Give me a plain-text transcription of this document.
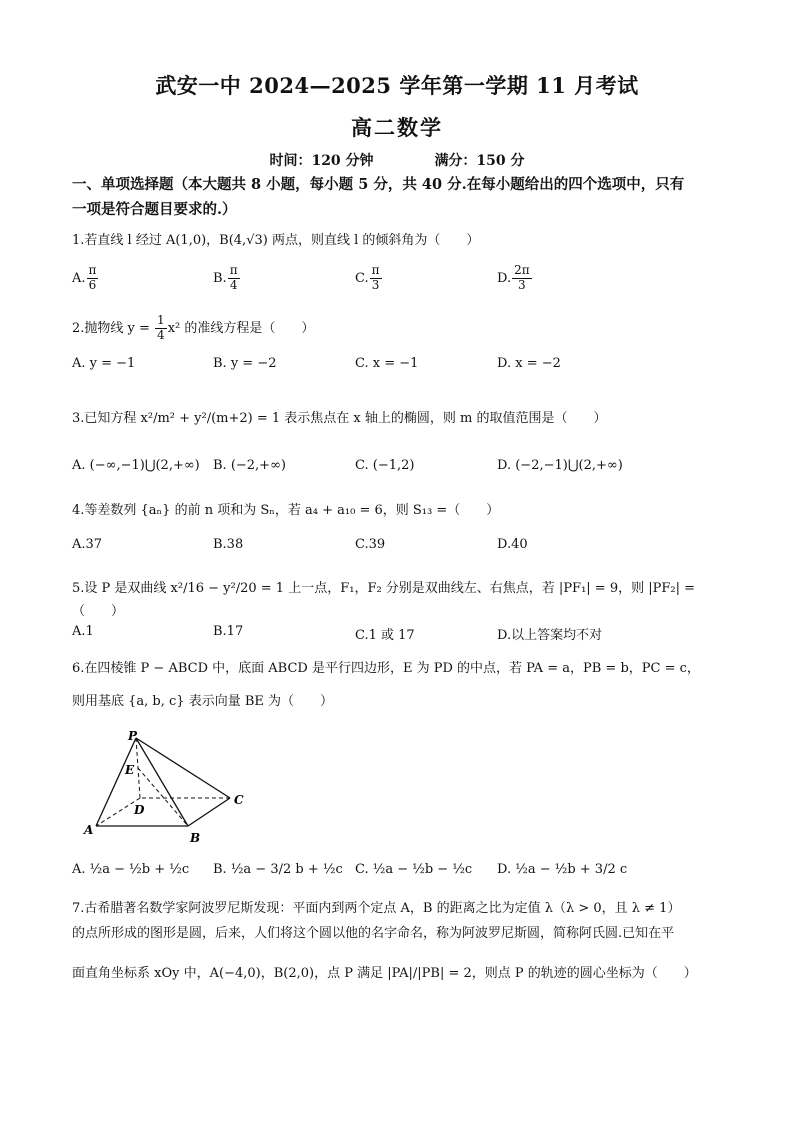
武安一中 2024—2025 学年第一学期 11 月考试
高二数学
时间：120 分钟	满分：150 分
一、单项选择题（本大题共 8 小题，每小题 5 分，共 40 分.在每小题给出的四个选项中，只有
一项是符合题目要求的.）
1.若直线 l 经过 A(1,0)，B(4,√3) 两点，则直线 l 的倾斜角为（　　）
A. $\frac{\pi}{6}$	B. $\frac{\pi}{4}$	C. $\frac{\pi}{3}$	D. $\frac{2\pi}{3}$
2.抛物线 $y = \frac{1}{4} x^2$ 的准线方程是（　　）
A. y = −1	B. y = −2	C. x = −1	D. x = −2
3.已知方程 x²/m² + y²/(m+2) = 1 表示焦点在 x 轴上的椭圆，则 m 的取值范围是（　　）
A. (−∞,−1)⋃(2,+∞) B. (−2,+∞)	C. (−1,2)	D. (−2,−1)⋃(2,+∞)
4.等差数列 {aₙ} 的前 n 项和为 Sₙ，若 a₄ + a₁₀ = 6，则 S₁₃ =（　　）
A.37	B.38	C.39	D.40
5.设 P 是双曲线 x²/16 − y²/20 = 1 上一点，F₁，F₂ 分别是双曲线左、右焦点，若 |PF₁| = 9，则 |PF₂| =（　　）
A.1	B.17	C.1 或 17	D.以上答案均不对
6.在四棱锥 P − ABCD 中，底面 ABCD 是平行四边形，E 为 PD 的中点，若 PA = a，PB = b，PC = c，
则用基底 {a, b, c} 表示向量 BE 为（　　）
P
E
D
C
A
B
A. ½a − ½b + ½c B. ½a − 3/2 b + ½c C. ½a − ½b − ½c D. ½a − ½b + 3/2 c
7.古希腊著名数学家阿波罗尼斯发现：平面内到两个定点 A，B 的距离之比为定值 λ（λ > 0，且 λ ≠ 1）
的点所形成的图形是圆，后来，人们将这个圆以他的名字命名，称为阿波罗尼斯圆，简称阿氏圆.已知在平
面直角坐标系 xOy 中，A(−4,0)，B(2,0)，点 P 满足 |PA|/|PB| = 2，则点 P 的轨迹的圆心坐标为（　　）
